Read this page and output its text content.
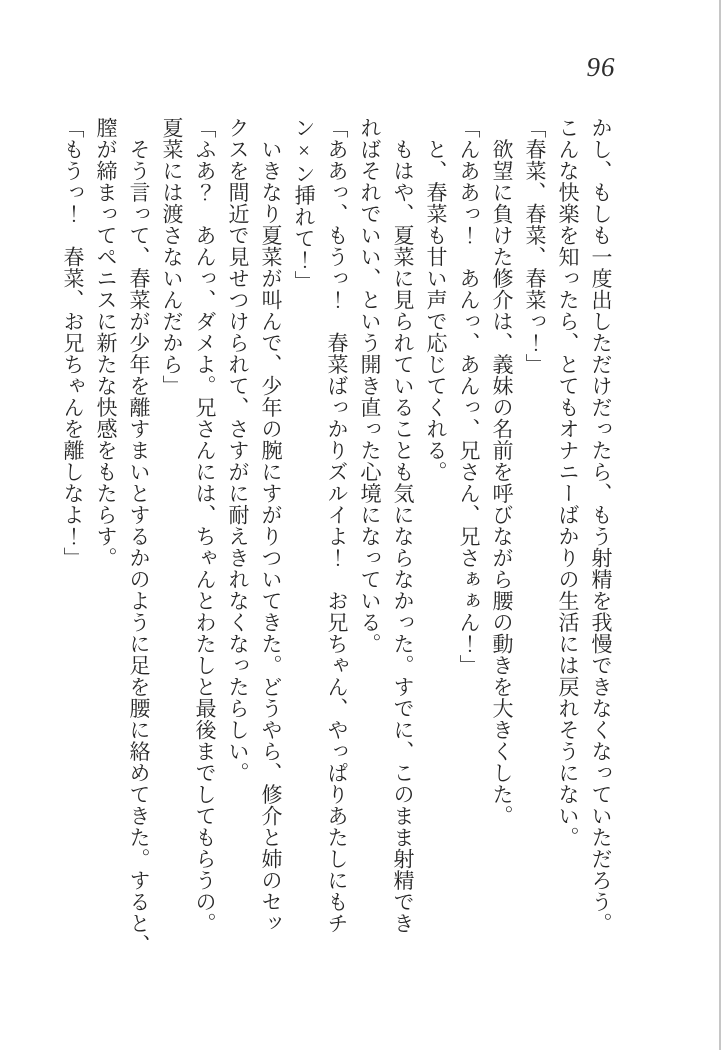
96

かし、もしも一度出しただけだったら、もう射精を我慢できなくなっていただろう。

こんな快楽を知ったら、とてもオナニーばかりの生活には戻れそうにない。

「春菜、春菜、春菜っ！」

　欲望に負けた修介は、義妹の名前を呼びながら腰の動きを大きくした。

「んああっ！　あんっ、あんっ、兄さん、兄さぁぁん！」

　と、春菜も甘い声で応じてくれる。

　もはや、夏菜に見られていることも気にならなかった。すでに、このまま射精でき

ればそれでいい、という開き直った心境になっている。

「ああっ、もうっ！　春菜ばっかりズルイよ！　お兄ちゃん、やっぱりあたしにもチ

ン×ン挿れて！」

　いきなり夏菜が叫んで、少年の腕にすがりついてきた。どうやら、修介と姉のセッ

クスを間近で見せつけられて、さすがに耐えきれなくなったらしい。

「ふあ？　あんっ、ダメよ。兄さんには、ちゃんとわたしと最後までしてもらうの。

夏菜には渡さないんだから」

　そう言って、春菜が少年を離すまいとするかのように足を腰に絡めてきた。すると、

膣が締まってペニスに新たな快感をもたらす。

「もうっ！　春菜、お兄ちゃんを離しなよ！」
